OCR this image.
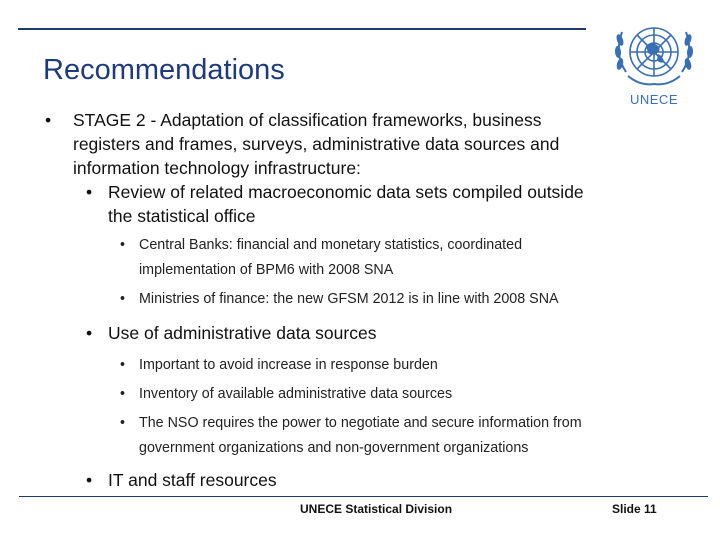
Recommendations
UNECE
•	STAGE 2 - Adaptation of classification frameworks, business
registers and frames, surveys, administrative data sources and
information technology infrastructure:
• Review of related macroeconomic data sets compiled outside
the statistical office
• Central Banks: financial and monetary statistics, coordinated
implementation of BPM6 with 2008 SNA
• Ministries of finance: the new GFSM 2012 is in line with 2008 SNA
• Use of administrative data sources
• Important to avoid increase in response burden
• Inventory of available administrative data sources
• The NSO requires the power to negotiate and secure information from
government organizations and non-government organizations
• IT and staff resources
UNECE Statistical Division	Slide 11
